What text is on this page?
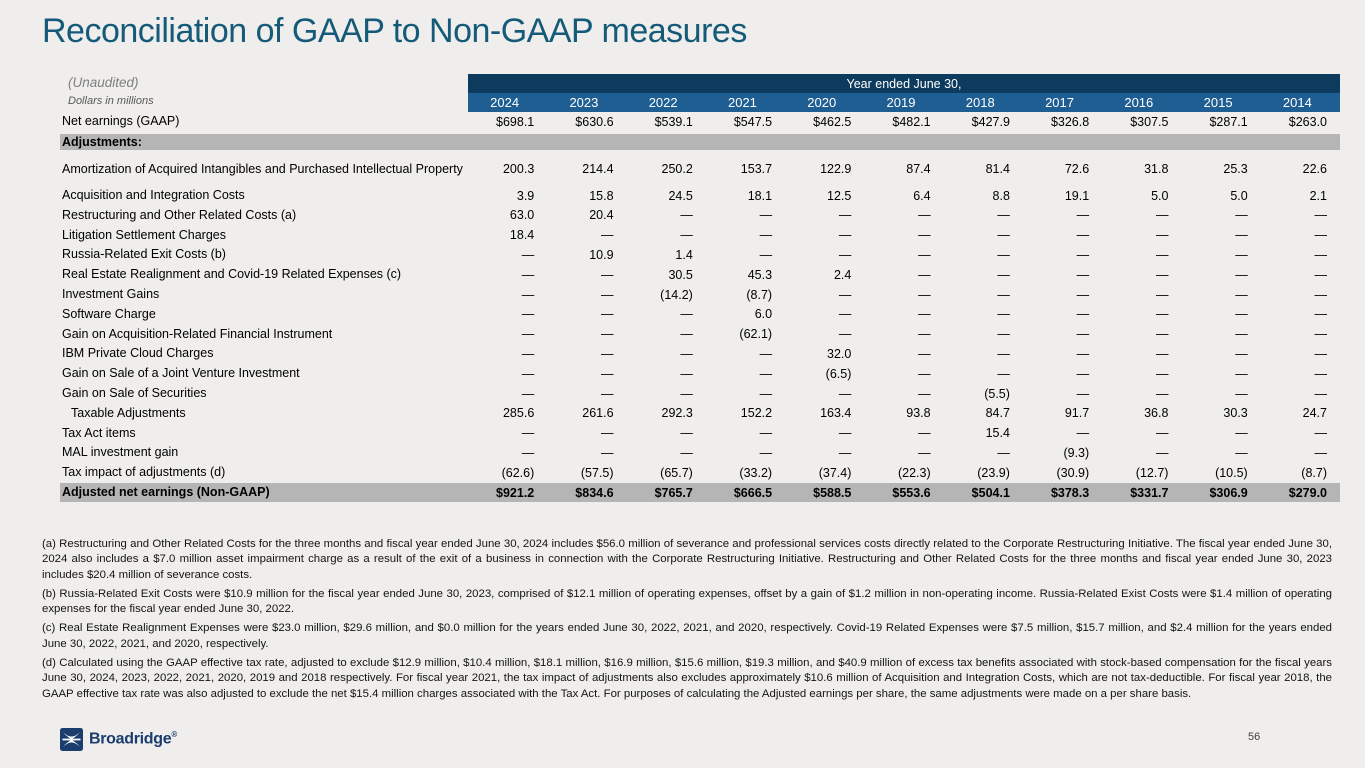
Reconciliation of GAAP to Non-GAAP measures
(Unaudited)	Year ended June 30,
Dollars in millions	2024	2023	2022	2021	2020	2019	2018	2017	2016	2015	2014
Net earnings (GAAP)	$698.1	$630.6	$539.1	$547.5	$462.5	$482.1	$427.9	$326.8	$307.5	$287.1	$263.0
Adjustments:
Amortization of Acquired Intangibles and Purchased Intellectual Property	200.3	214.4	250.2	153.7	122.9	87.4	81.4	72.6	31.8	25.3	22.6
Acquisition and Integration Costs	3.9	15.8	24.5	18.1	12.5	6.4	8.8	19.1	5.0	5.0	2.1
Restructuring and Other Related Costs (a)	63.0	20.4	—	—	—	—	—	—	—	—	—
Litigation Settlement Charges	18.4	—	—	—	—	—	—	—	—	—	—
Russia-Related Exit Costs (b)	—	10.9	1.4	—	—	—	—	—	—	—	—
Real Estate Realignment and Covid-19 Related Expenses (c)	—	—	30.5	45.3	2.4	—	—	—	—	—	—
Investment Gains	—	—	(14.2)	(8.7)	—	—	—	—	—	—	—
Software Charge	—	—	—	6.0	—	—	—	—	—	—	—
Gain on Acquisition-Related Financial Instrument	—	—	—	(62.1)	—	—	—	—	—	—	—
IBM Private Cloud Charges	—	—	—	—	32.0	—	—	—	—	—	—
Gain on Sale of a Joint Venture Investment	—	—	—	—	(6.5)	—	—	—	—	—	—
Gain on Sale of Securities	—	—	—	—	—	—	(5.5)	—	—	—	—
Taxable Adjustments	285.6	261.6	292.3	152.2	163.4	93.8	84.7	91.7	36.8	30.3	24.7
Tax Act items	—	—	—	—	—	—	15.4	—	—	—	—
MAL investment gain	—	—	—	—	—	—	—	(9.3)	—	—	—
Tax impact of adjustments (d)	(62.6)	(57.5)	(65.7)	(33.2)	(37.4)	(22.3)	(23.9)	(30.9)	(12.7)	(10.5)	(8.7)
Adjusted net earnings (Non-GAAP)	$921.2	$834.6	$765.7	$666.5	$588.5	$553.6	$504.1	$378.3	$331.7	$306.9	$279.0

(a) Restructuring and Other Related Costs for the three months and fiscal year ended June 30, 2024 includes $56.0 million of severance and professional services costs directly related to the Corporate Restructuring Initiative. The fiscal year ended June 30, 2024 also includes a $7.0 million asset impairment charge as a result of the exit of a business in connection with the Corporate Restructuring Initiative. Restructuring and Other Related Costs for the three months and fiscal year ended June 30, 2023 includes $20.4 million of severance costs.

(b) Russia-Related Exit Costs were $10.9 million for the fiscal year ended June 30, 2023, comprised of $12.1 million of operating expenses, offset by a gain of $1.2 million in non-operating income. Russia-Related Exist Costs were $1.4 million of operating expenses for the fiscal year ended June 30, 2022.

(c) Real Estate Realignment Expenses were $23.0 million, $29.6 million, and $0.0 million for the years ended June 30, 2022, 2021, and 2020, respectively. Covid-19 Related Expenses were $7.5 million, $15.7 million, and $2.4 million for the years ended June 30, 2022, 2021, and 2020, respectively.

(d) Calculated using the GAAP effective tax rate, adjusted to exclude $12.9 million, $10.4 million, $18.1 million, $16.9 million, $15.6 million, $19.3 million, and $40.9 million of excess tax benefits associated with stock-based compensation for the fiscal years June 30, 2024, 2023, 2022, 2021, 2020, 2019 and 2018 respectively. For fiscal year 2021, the tax impact of adjustments also excludes approximately $10.6 million of Acquisition and Integration Costs, which are not tax-deductible. For fiscal year 2018, the GAAP effective tax rate was also adjusted to exclude the net $15.4 million charges associated with the Tax Act. For purposes of calculating the Adjusted earnings per share, the same adjustments were made on a per share basis.

Broadridge®	56
